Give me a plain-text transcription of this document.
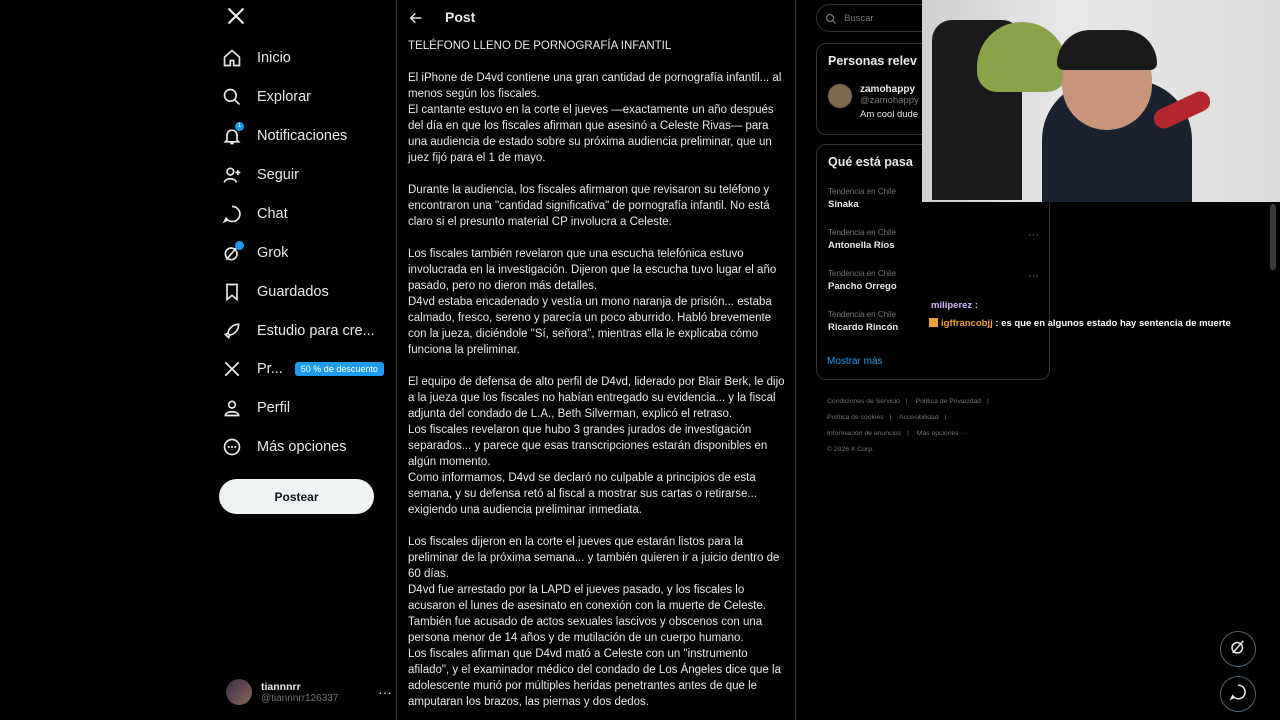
Inicio
Explorar
1
Notificaciones
Seguir
Chat
Grok
Guardados
Estudio para cre...
Pr...	50 % de descuento
Perfil
Más opciones
Postear
tiannnrr
@tiannnrr126337	···
Post

TELÉFONO LLENO DE PORNOGRAFÍA INFANTIL

El iPhone de D4vd contiene una gran cantidad de pornografía infantil... al menos según los fiscales.

El cantante estuvo en la corte el jueves —exactamente un año después del día en que los fiscales afirman que asesinó a Celeste Rivas— para una audiencia de estado sobre su próxima audiencia preliminar, que un juez fijó para el 1 de mayo.

Durante la audiencia, los fiscales afirmaron que revisaron su teléfono y encontraron una "cantidad significativa" de pornografía infantil. No está claro si el presunto material CP involucra a Celeste.

Los fiscales también revelaron que una escucha telefónica estuvo involucrada en la investigación. Dijeron que la escucha tuvo lugar el año pasado, pero no dieron más detalles.

D4vd estaba encadenado y vestía un mono naranja de prisión... estaba calmado, fresco, sereno y parecía un poco aburrido. Habló brevemente con la jueza, diciéndole "Sí, señora", mientras ella le explicaba cómo funciona la preliminar.

El equipo de defensa de alto perfil de D4vd, liderado por Blair Berk, le dijo a la jueza que los fiscales no habían entregado su evidencia... y la fiscal adjunta del condado de L.A., Beth Silverman, explicó el retraso.

Los fiscales revelaron que hubo 3 grandes jurados de investigación separados... y parece que esas transcripciones estarán disponibles en algún momento.

Como informamos, D4vd se declaró no culpable a principios de esta semana, y su defensa retó al fiscal a mostrar sus cartas o retirarse... exigiendo una audiencia preliminar inmediata.

Los fiscales dijeron en la corte el jueves que estarán listos para la preliminar de la próxima semana... y también quieren ir a juicio dentro de 60 días.

D4vd fue arrestado por la LAPD el jueves pasado, y los fiscales lo acusaron el lunes de asesinato en conexión con la muerte de Celeste.

También fue acusado de actos sexuales lascivos y obscenos con una persona menor de 14 años y de mutilación de un cuerpo humano.

Los fiscales afirman que D4vd mató a Celeste con un "instrumento afilado", y el examinador médico del condado de Los Ángeles dice que la adolescente murió por múltiples heridas penetrantes antes de que le amputaran los brazos, las piernas y dos dedos.

Buscar
Personas relev
zamohappy
@zamohappy
Am cool dude
Qué está pasa
Tendencia en Chile
Sinaka
Tendencia en Chile
Antonella Ríos
···
Tendencia en Chile
Pancho Orrego
···
Tendencia en Chile
Ricardo Rincón
Mostrar más
Condiciones de Servicio | Política de Privacidad |
Política de cookies | Accesibilidad |
Información de anuncios | Más opciones ···
© 2026 X Corp.
miliperez :
igffrancobjj : es que en algunos estado hay sentencia de muerte
